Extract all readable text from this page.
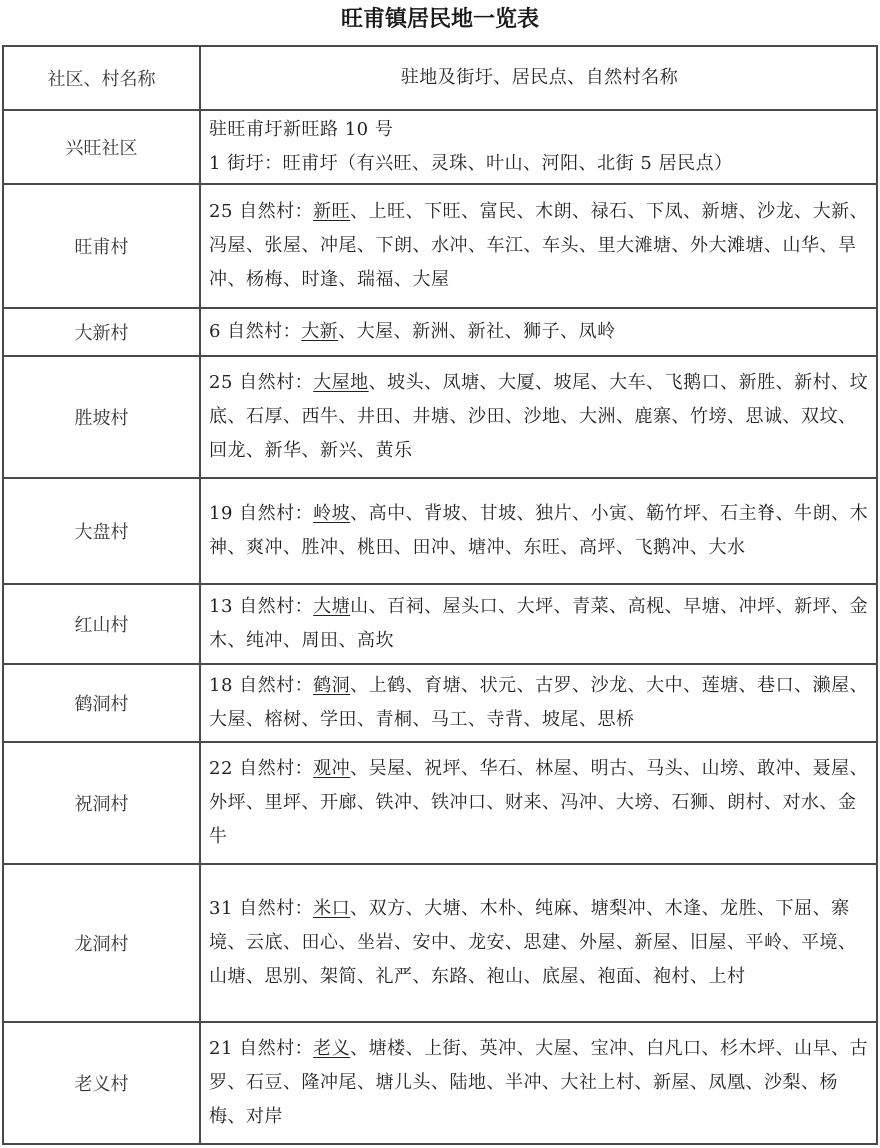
旺甫镇居民地一览表
社区、村名称	驻地及街圩、居民点、自然村名称
兴旺社区	驻旺甫圩新旺路 10 号
1 街圩：旺甫圩（有兴旺、灵珠、叶山、河阳、北街 5 居民点）

旺甫村	25 自然村：新旺、上旺、下旺、富民、木朗、禄石、下凤、新塘、沙龙、大新、冯屋、张屋、冲尾、下朗、水冲、车江、车头、里大滩塘、外大滩塘、山华、旱冲、杨梅、时逢、瑞福、大屋
大新村	6 自然村：大新、大屋、新洲、新社、狮子、凤岭
胜坡村	25 自然村：大屋地、坡头、凤塘、大厦、坡尾、大车、飞鹅口、新胜、新村、坟底、石厚、西牛、井田、井塘、沙田、沙地、大洲、鹿寨、竹塝、思诚、双坟、回龙、新华、新兴、黄乐
大盘村	19 自然村：岭坡、高中、背坡、甘坡、独片、小寅、簕竹坪、石主脊、牛朗、木神、爽冲、胜冲、桃田、田冲、塘冲、东旺、高坪、飞鹅冲、大水
红山村	13 自然村：大塘山、百祠、屋头口、大坪、青菜、高枧、早塘、冲坪、新坪、金木、纯冲、周田、高坎
鹤洞村	18 自然村：鹤洞、上鹤、育塘、状元、古罗、沙龙、大中、莲塘、巷口、濑屋、大屋、榕树、学田、青桐、马工、寺背、坡尾、思桥
祝洞村	22 自然村：观冲、吴屋、祝坪、华石、林屋、明古、马头、山塝、敢冲、聂屋、外坪、里坪、开廊、铁冲、铁冲口、财来、冯冲、大塝、石狮、朗村、对水、金牛
龙洞村	31 自然村：米口、双方、大塘、木朴、纯麻、塘梨冲、木逢、龙胜、下屈、寨境、云底、田心、坐岩、安中、龙安、思建、外屋、新屋、旧屋、平岭、平境、山塘、思别、架简、礼严、东路、袍山、底屋、袍面、袍村、上村
老义村	21 自然村：老义、塘楼、上街、英冲、大屋、宝冲、白凡口、杉木坪、山早、古罗、石豆、隆冲尾、塘儿头、陆地、半冲、大社上村、新屋、凤凰、沙梨、杨梅、对岸
